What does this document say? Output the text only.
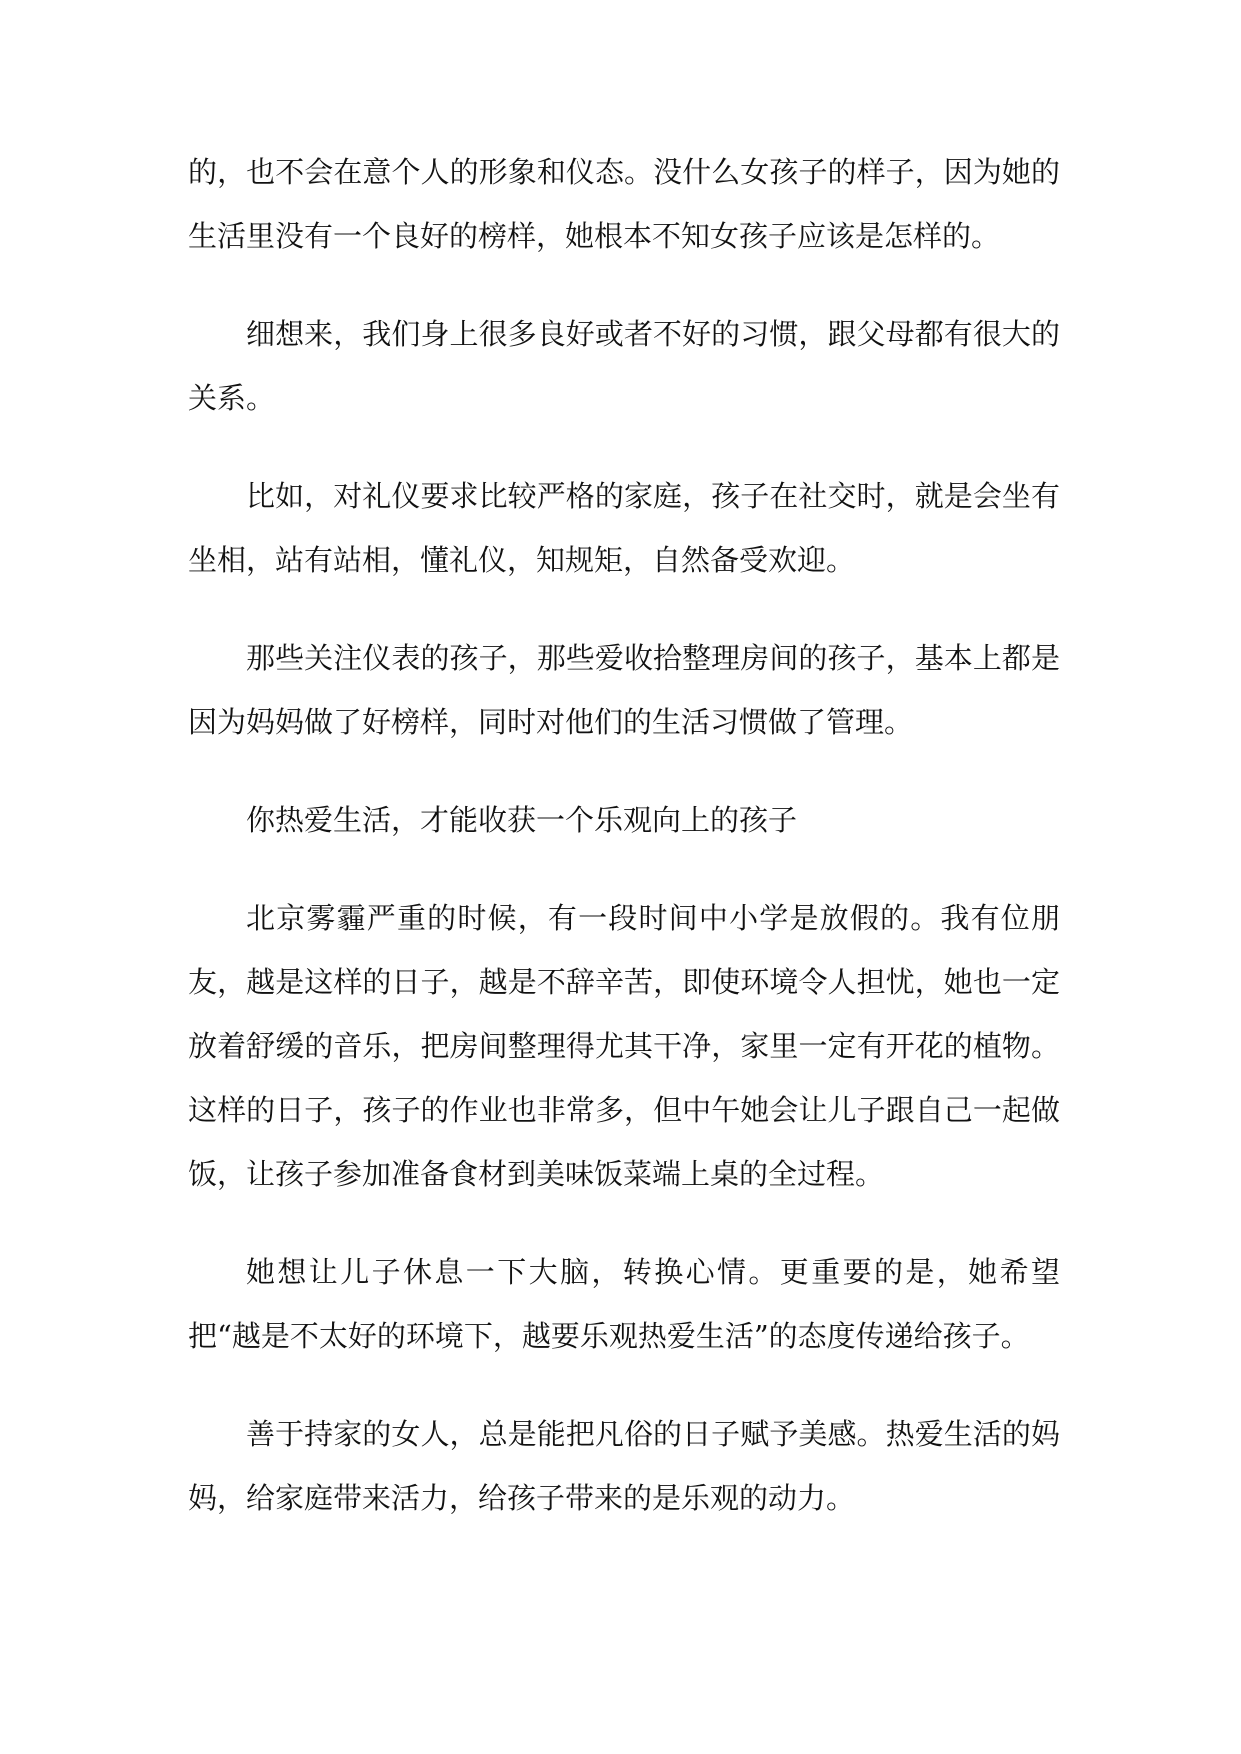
的，也不会在意个人的形象和仪态。没什么女孩子的样子，因为她的生活里没有一个良好的榜样，她根本不知女孩子应该是怎样的。

细想来，我们身上很多良好或者不好的习惯，跟父母都有很大的关系。

比如，对礼仪要求比较严格的家庭，孩子在社交时，就是会坐有坐相，站有站相，懂礼仪，知规矩，自然备受欢迎。

那些关注仪表的孩子，那些爱收拾整理房间的孩子，基本上都是因为妈妈做了好榜样，同时对他们的生活习惯做了管理。

你热爱生活，才能收获一个乐观向上的孩子

北京雾霾严重的时候，有一段时间中小学是放假的。我有位朋友，越是这样的日子，越是不辞辛苦，即使环境令人担忧，她也一定放着舒缓的音乐，把房间整理得尤其干净，家里一定有开花的植物。这样的日子，孩子的作业也非常多，但中午她会让儿子跟自己一起做饭，让孩子参加准备食材到美味饭菜端上桌的全过程。

她想让儿子休息一下大脑，转换心情。更重要的是，她希望把“越是不太好的环境下，越要乐观热爱生活”的态度传递给孩子。

善于持家的女人，总是能把凡俗的日子赋予美感。热爱生活的妈妈，给家庭带来活力，给孩子带来的是乐观的动力。
